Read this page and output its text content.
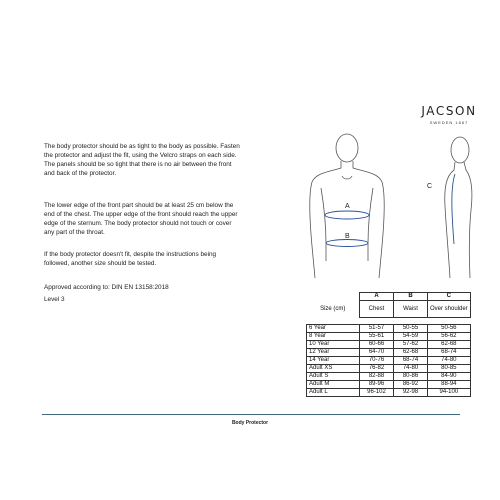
JACSON
SWEDEN 1867
The body protector should be as tight to the body as possible. Fasten the protector and adjust the fit, using the Velcro straps on each side. The panels should be so tight that there is no air between the front and back of the protector.
The lower edge of the front part should be at least 25 cm below the end of the chest. The upper edge of the front should reach the upper edge of the sternum. The body protector should not touch or cover any part of the throat.
If the body protector doesn't fit, despite the instructions being followed, another size should be tested.
Approved according to: DIN EN 13158:2018
Level 3
A
B
C
	A	B	C
Size (cm)	Chest	Waist	Over shoulder

6 Year	51-57	50-55	50-56
8 Year	55-61	54-59	56-62
10 Year	60-66	57-62	62-68
12 Year	64-70	62-68	68-74
14 Year	70-76	68-74	74-80
Adult XS	76-82	74-80	80-85
Adult S	82-88	80-86	84-90
Adult M	89-96	86-92	88-94
Adult L	96-102	92-98	94-100
Body Protector
